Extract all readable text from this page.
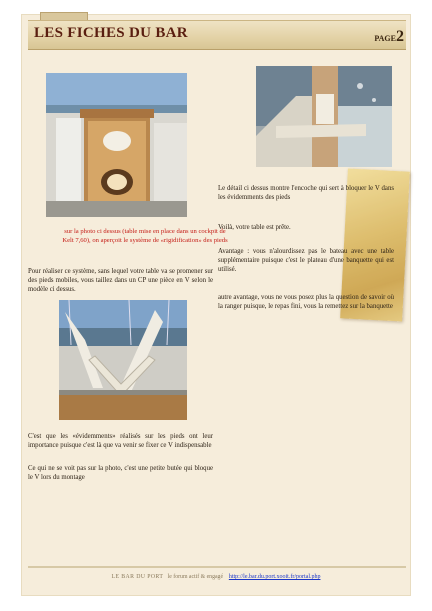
LES FICHES DU BAR	PAGE2
sur la photo ci dessus (table mise en place dans un cockpit de Kelt 7,60), on aperçoit le système de «rigidification» des pieds
Pour réaliser ce système, sans lequel votre table va se promener sur des pieds mobiles, vous taillez dans un CP une pièce en V selon le modèle ci dessus.
C'est que les «évidemments» réalisés sur les pieds ont leur importance puisque c'est là que va venir se fixer ce V indispensable
Ce qui ne se voit pas sur la photo, c'est une petite butée qui bloque le V lors du montage
Le détail ci dessus montre l'encoche qui sert à bloquer le V dans les évidemments des pieds
Voilà, votre table est prête.
Avantage : vous n'alourdissez pas le bateau avec une table supplémentaire puisque c'est le plateau d'une banquette qui est utilisé.
autre avantage, vous ne vous posez plus la question de savoir où la ranger puisque, le repas fini, vous la remettez sur la banquette
LE BAR DU PORT le forum actif & engagé http://le.bar.du.port.xooit.fr/portal.php
